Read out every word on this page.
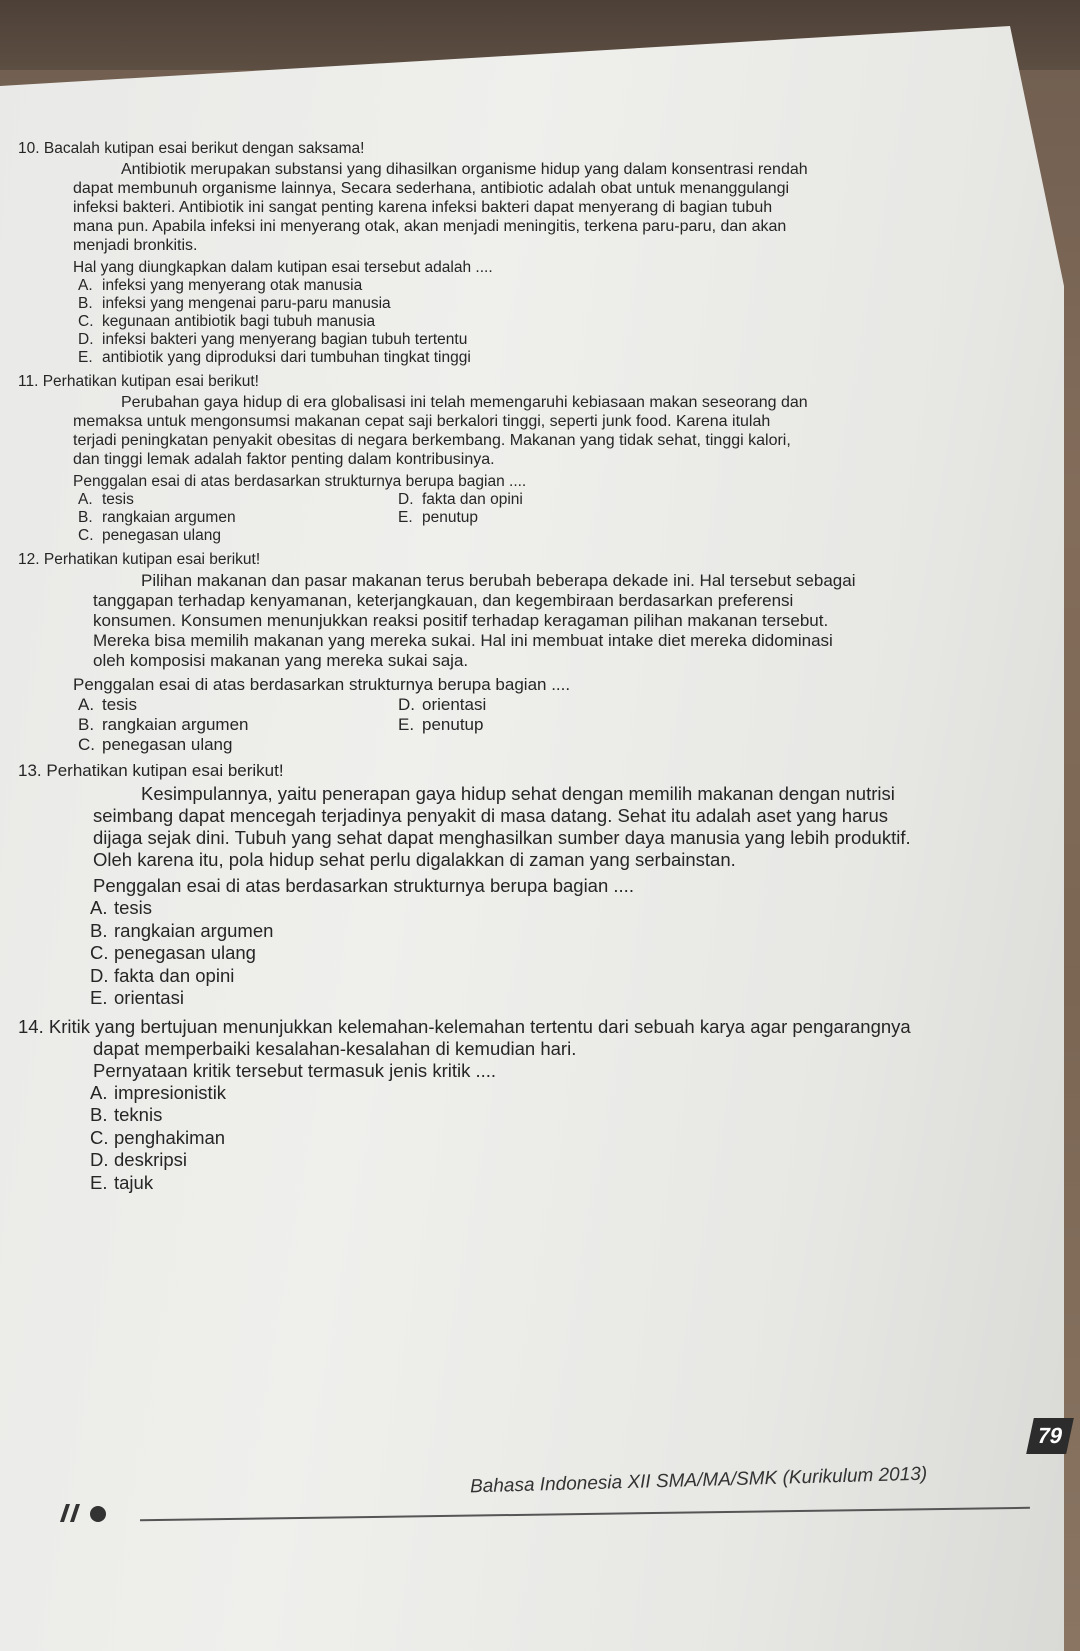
10. Bacalah kutipan esai berikut dengan saksama!
Antibiotik merupakan substansi yang dihasilkan organisme hidup yang dalam konsentrasi rendah
dapat membunuh organisme lainnya, Secara sederhana, antibiotic adalah obat untuk menanggulangi
infeksi bakteri. Antibiotik ini sangat penting karena infeksi bakteri dapat menyerang di bagian tubuh
mana pun. Apabila infeksi ini menyerang otak, akan menjadi meningitis, terkena paru-paru, dan akan
menjadi bronkitis.
Hal yang diungkapkan dalam kutipan esai tersebut adalah ....
A. infeksi yang menyerang otak manusia
B. infeksi yang mengenai paru-paru manusia
C. kegunaan antibiotik bagi tubuh manusia
D. infeksi bakteri yang menyerang bagian tubuh tertentu
E. antibiotik yang diproduksi dari tumbuhan tingkat tinggi
11. Perhatikan kutipan esai berikut!
Perubahan gaya hidup di era globalisasi ini telah memengaruhi kebiasaan makan seseorang dan
memaksa untuk mengonsumsi makanan cepat saji berkalori tinggi, seperti junk food. Karena itulah
terjadi peningkatan penyakit obesitas di negara berkembang. Makanan yang tidak sehat, tinggi kalori,
dan tinggi lemak adalah faktor penting dalam kontribusinya.
Penggalan esai di atas berdasarkan strukturnya berupa bagian ....
A. tesis	D. fakta dan opini
B. rangkaian argumen	E. penutup
C. penegasan ulang
12. Perhatikan kutipan esai berikut!
Pilihan makanan dan pasar makanan terus berubah beberapa dekade ini. Hal tersebut sebagai
tanggapan terhadap kenyamanan, keterjangkauan, dan kegembiraan berdasarkan preferensi
konsumen. Konsumen menunjukkan reaksi positif terhadap keragaman pilihan makanan tersebut.
Mereka bisa memilih makanan yang mereka sukai. Hal ini membuat intake diet mereka didominasi
oleh komposisi makanan yang mereka sukai saja.
Penggalan esai di atas berdasarkan strukturnya berupa bagian ....
A. tesis	D. orientasi
B. rangkaian argumen	E. penutup
C. penegasan ulang
13. Perhatikan kutipan esai berikut!
Kesimpulannya, yaitu penerapan gaya hidup sehat dengan memilih makanan dengan nutrisi
seimbang dapat mencegah terjadinya penyakit di masa datang. Sehat itu adalah aset yang harus
dijaga sejak dini. Tubuh yang sehat dapat menghasilkan sumber daya manusia yang lebih produktif.
Oleh karena itu, pola hidup sehat perlu digalakkan di zaman yang serbainstan.
Penggalan esai di atas berdasarkan strukturnya berupa bagian ....
A. tesis
B. rangkaian argumen
C. penegasan ulang
D. fakta dan opini
E. orientasi
14. Kritik yang bertujuan menunjukkan kelemahan-kelemahan tertentu dari sebuah karya agar pengarangnya
dapat memperbaiki kesalahan-kesalahan di kemudian hari.
Pernyataan kritik tersebut termasuk jenis kritik ....
A. impresionistik
B. teknis
C. penghakiman
D. deskripsi
E. tajuk
79
Bahasa Indonesia XII SMA/MA/SMK (Kurikulum 2013)
